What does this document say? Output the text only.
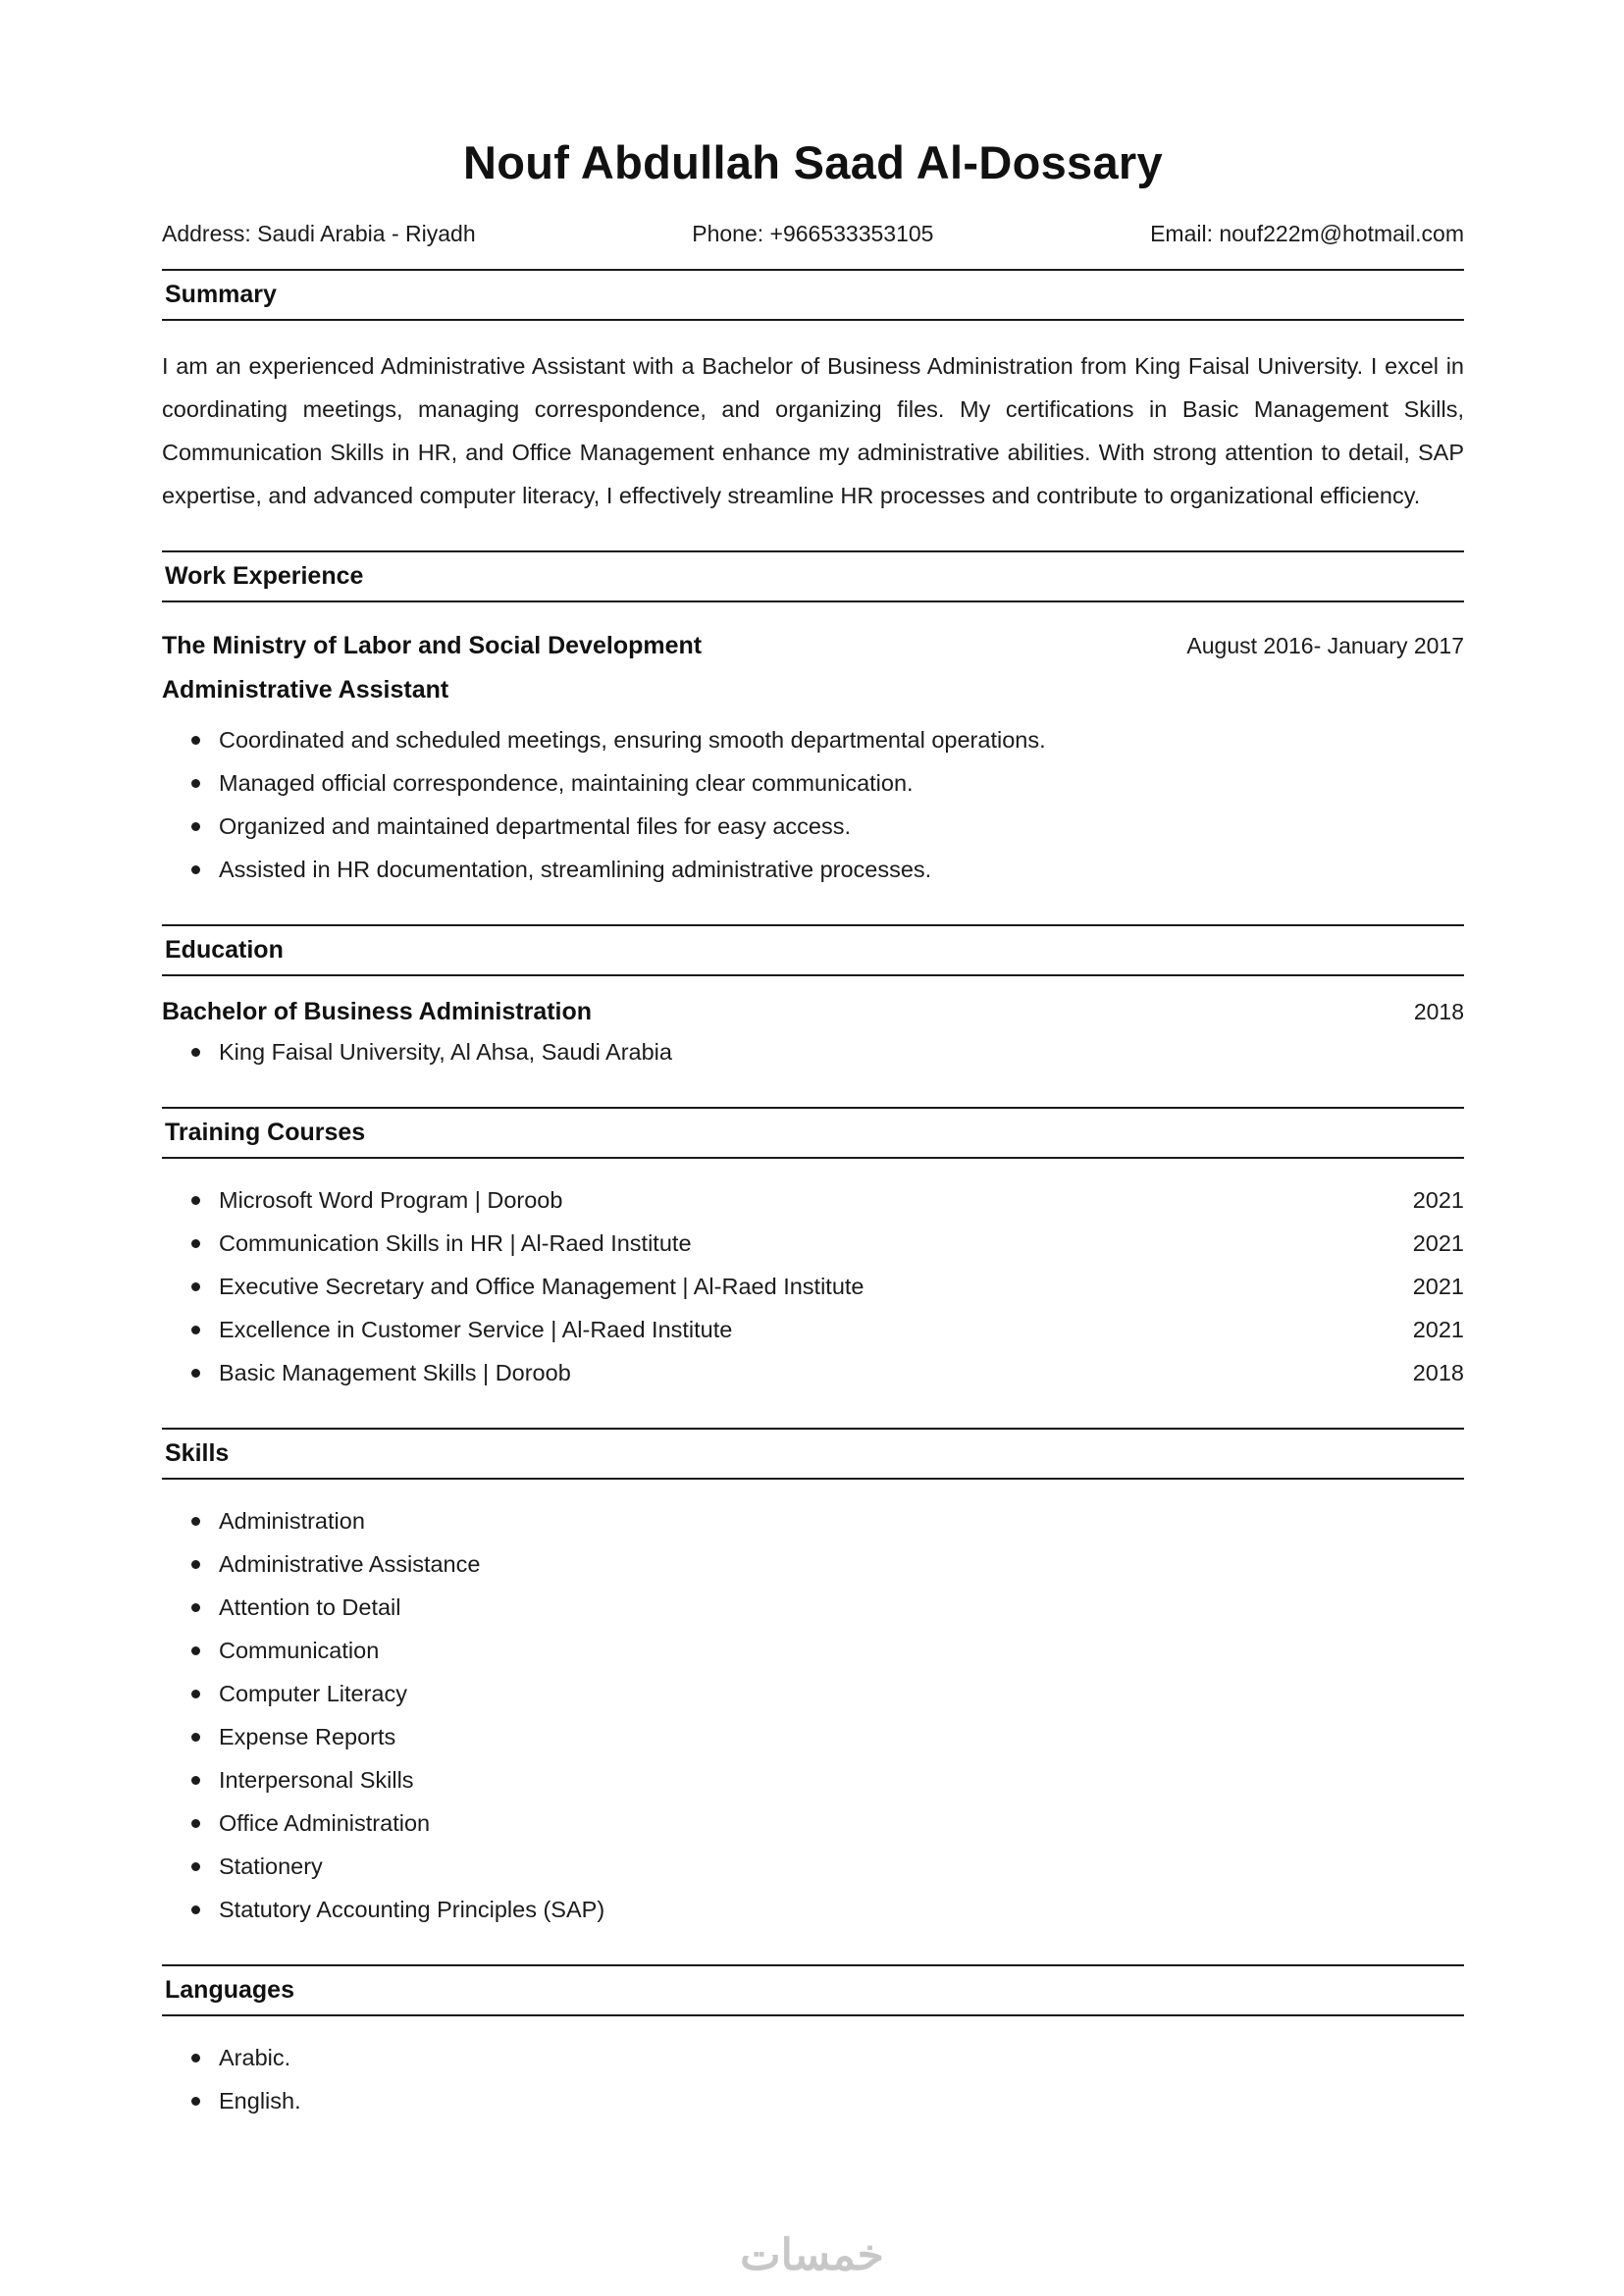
Nouf Abdullah Saad Al-Dossary
Address: Saudi Arabia - Riyadh	Phone: +966533353105	Email: nouf222m@hotmail.com
Summary
I am an experienced Administrative Assistant with a Bachelor of Business Administration from King Faisal University. I excel in coordinating meetings, managing correspondence, and organizing files. My certifications in Basic Management Skills, Communication Skills in HR, and Office Management enhance my administrative abilities. With strong attention to detail, SAP expertise, and advanced computer literacy, I effectively streamline HR processes and contribute to organizational efficiency.
Work Experience
The Ministry of Labor and Social Development	August 2016- January 2017
Administrative Assistant
Coordinated and scheduled meetings, ensuring smooth departmental operations.
Managed official correspondence, maintaining clear communication.
Organized and maintained departmental files for easy access.
Assisted in HR documentation, streamlining administrative processes.
Education
Bachelor of Business Administration	2018
King Faisal University, Al Ahsa, Saudi Arabia
Training Courses
Microsoft Word Program | Doroob	2021
Communication Skills in HR | Al-Raed Institute	2021
Executive Secretary and Office Management | Al-Raed Institute	2021
Excellence in Customer Service | Al-Raed Institute	2021
Basic Management Skills | Doroob	2018
Skills
Administration
Administrative Assistance
Attention to Detail
Communication
Computer Literacy
Expense Reports
Interpersonal Skills
Office Administration
Stationery
Statutory Accounting Principles (SAP)
Languages
Arabic.
English.
خمسات
